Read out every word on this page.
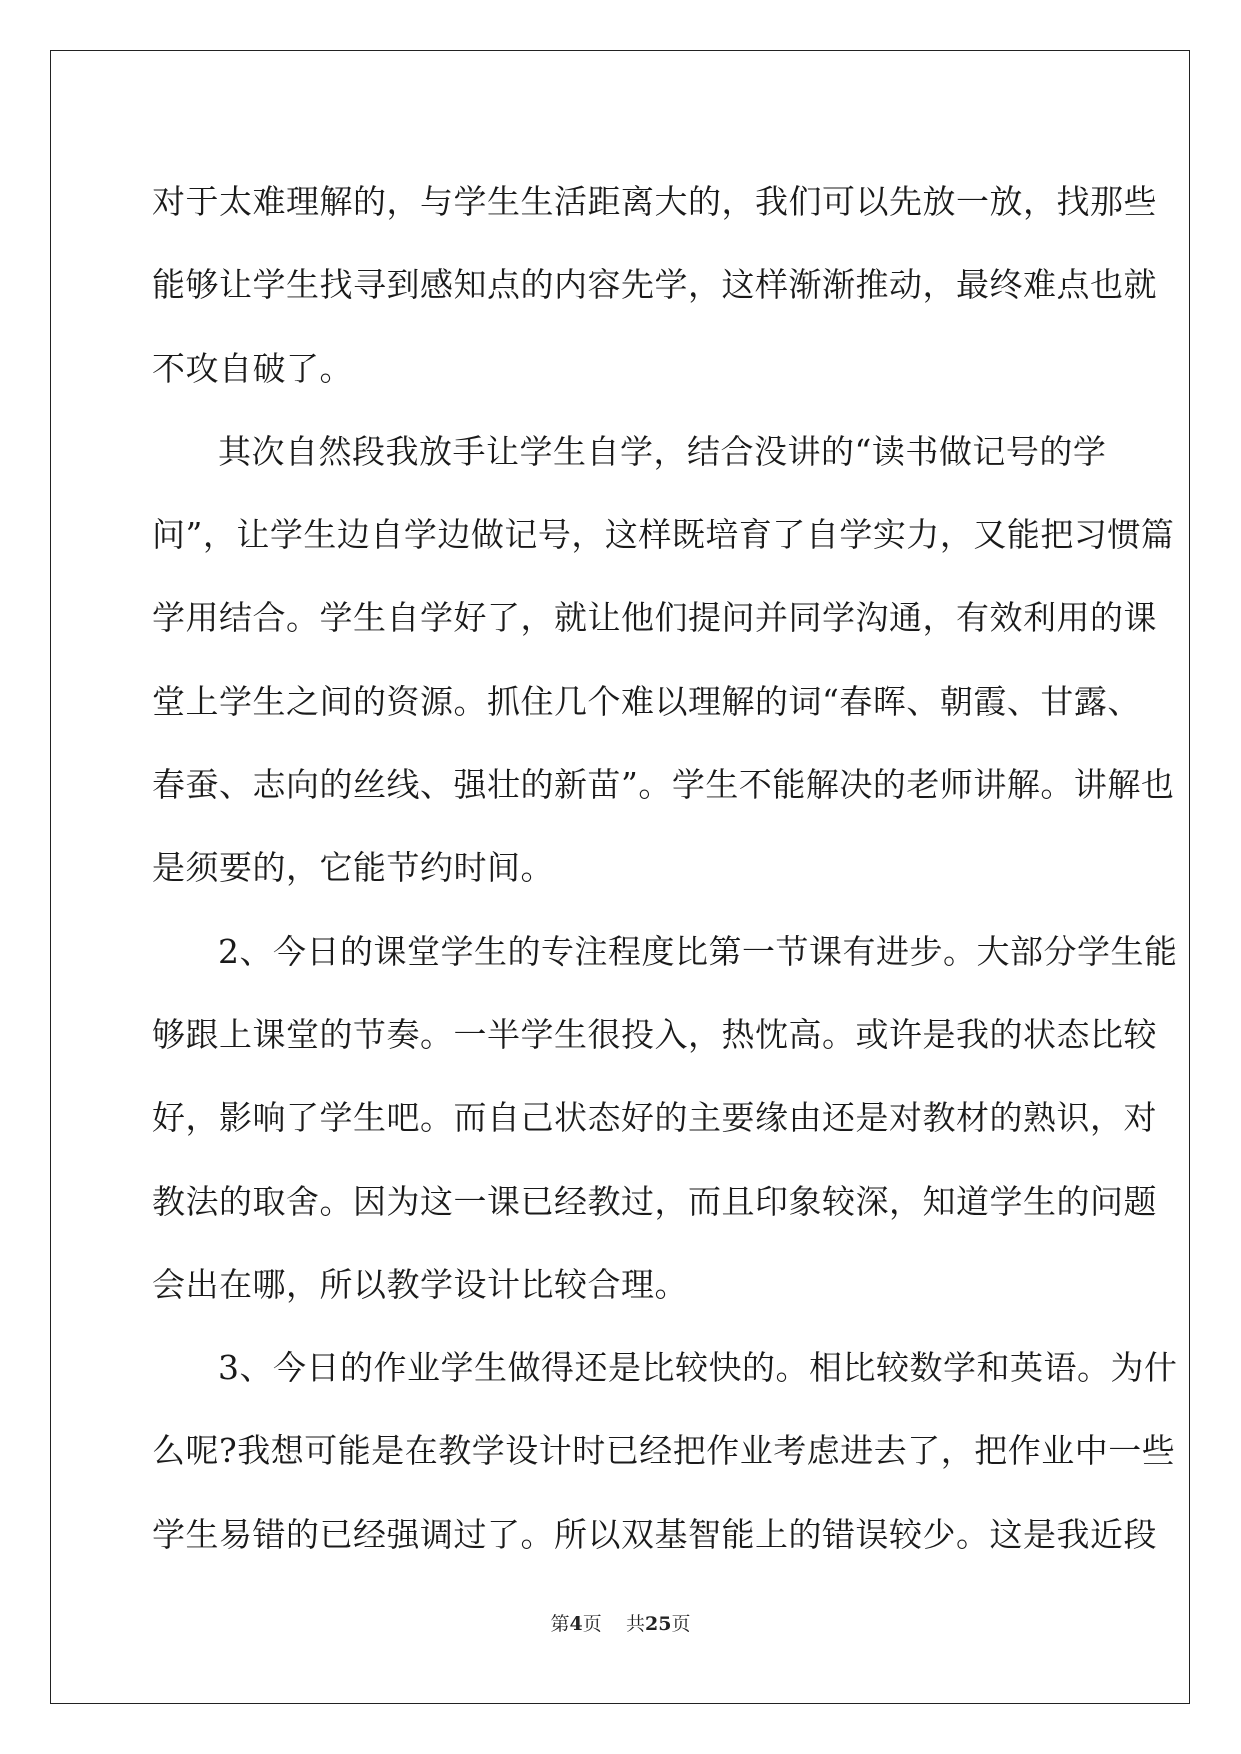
对于太难理解的，与学生生活距离大的，我们可以先放一放，找那些
能够让学生找寻到感知点的内容先学，这样渐渐推动，最终难点也就
不攻自破了。
其次自然段我放手让学生自学，结合没讲的“读书做记号的学
问”，让学生边自学边做记号，这样既培育了自学实力，又能把习惯篇
学用结合。学生自学好了，就让他们提问并同学沟通，有效利用的课
堂上学生之间的资源。抓住几个难以理解的词“春晖、朝霞、甘露、
春蚕、志向的丝线、强壮的新苗”。学生不能解决的老师讲解。讲解也
是须要的，它能节约时间。
2、今日的课堂学生的专注程度比第一节课有进步。大部分学生能
够跟上课堂的节奏。一半学生很投入，热忱高。或许是我的状态比较
好，影响了学生吧。而自己状态好的主要缘由还是对教材的熟识，对
教法的取舍。因为这一课已经教过，而且印象较深，知道学生的问题
会出在哪，所以教学设计比较合理。
3、今日的作业学生做得还是比较快的。相比较数学和英语。为什
么呢?我想可能是在教学设计时已经把作业考虑进去了，把作业中一些
学生易错的已经强调过了。所以双基智能上的错误较少。这是我近段
第4页 共25页
